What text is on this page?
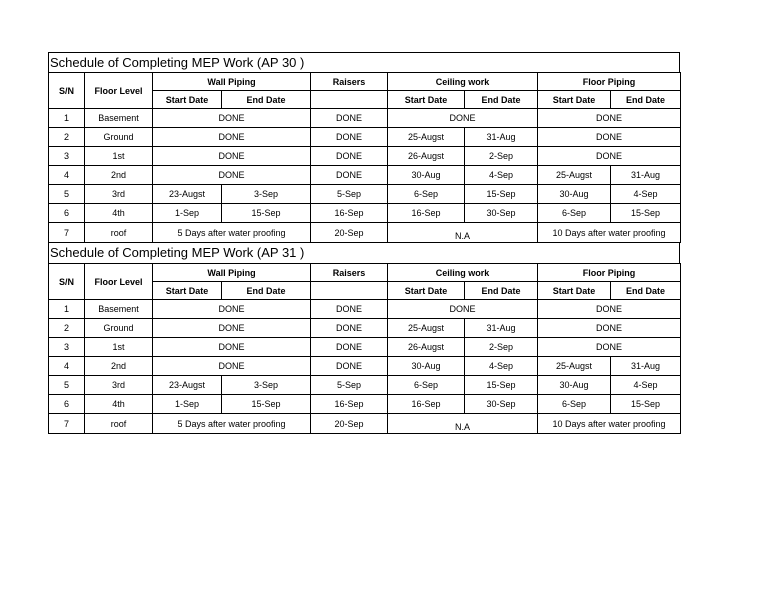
Schedule of Completing MEP Work (AP 30 )
S/N	Floor Level	Wall Piping		Raisers	Ceiling work		Floor Piping	
		Start Date	End Date		Start Date	End Date	Start Date	End Date
1	Basement	DONE		DONE	DONE		DONE	
2	Ground	DONE		DONE	25-Augst	31-Aug	DONE	
3	1st	DONE		DONE	26-Augst	2-Sep	DONE	
4	2nd	DONE		DONE	30-Aug	4-Sep	25-Augst	31-Aug
5	3rd	23-Augst	3-Sep	5-Sep	6-Sep	15-Sep	30-Aug	4-Sep
6	4th	1-Sep	15-Sep	16-Sep	16-Sep	30-Sep	6-Sep	15-Sep
7	roof	5 Days after water proofing		20-Sep	N.A		10 Days after water proofing	
Schedule of Completing MEP Work (AP 31 )
S/N	Floor Level	Wall Piping		Raisers	Ceiling work		Floor Piping	
		Start Date	End Date		Start Date	End Date	Start Date	End Date
1	Basement	DONE		DONE	DONE		DONE	
2	Ground	DONE		DONE	25-Augst	31-Aug	DONE	
3	1st	DONE		DONE	26-Augst	2-Sep	DONE	
4	2nd	DONE		DONE	30-Aug	4-Sep	25-Augst	31-Aug
5	3rd	23-Augst	3-Sep	5-Sep	6-Sep	15-Sep	30-Aug	4-Sep
6	4th	1-Sep	15-Sep	16-Sep	16-Sep	30-Sep	6-Sep	15-Sep
7	roof	5 Days after water proofing		20-Sep	N.A		10 Days after water proofing	
